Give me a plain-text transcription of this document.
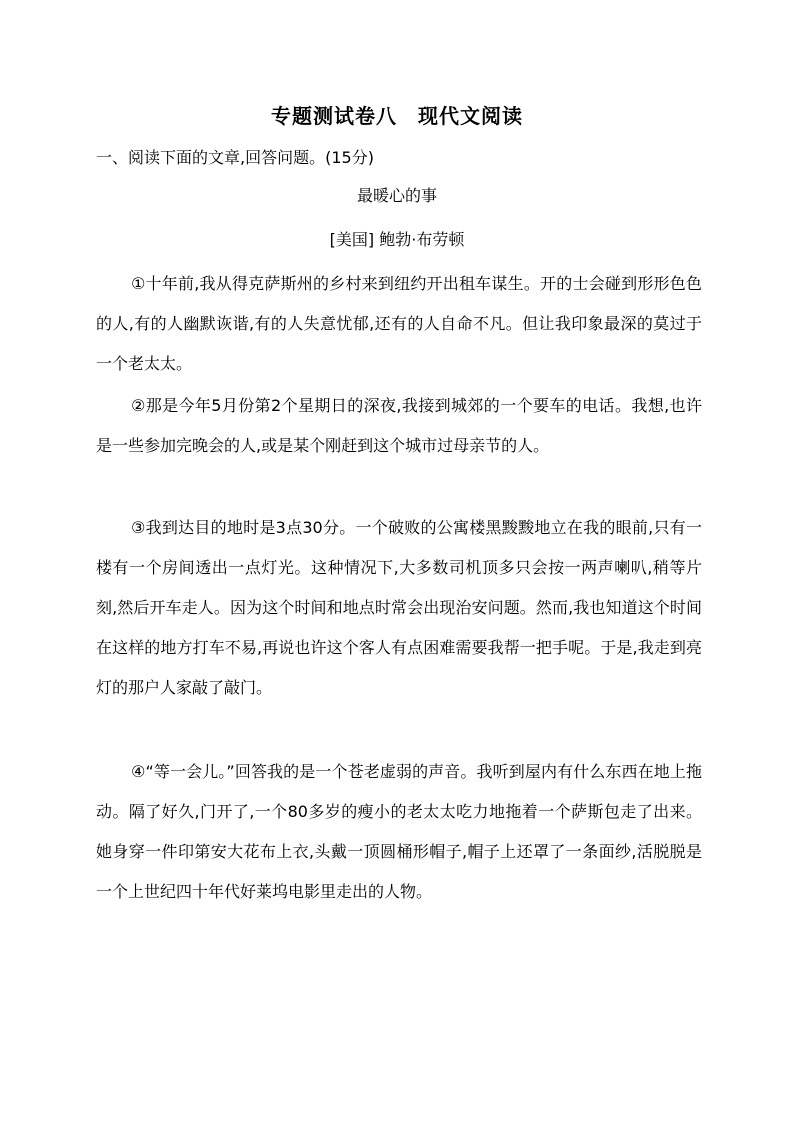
专题测试卷八　现代文阅读
一、阅读下面的文章,回答问题。(15分)
最暖心的事
[美国] 鲍勃·布劳顿

①十年前,我从得克萨斯州的乡村来到纽约开出租车谋生。开的士会碰到形形色色的人,有的人幽默诙谐,有的人失意忧郁,还有的人自命不凡。但让我印象最深的莫过于一个老太太。

②那是今年5月份第2个星期日的深夜,我接到城郊的一个要车的电话。我想,也许是一些参加完晚会的人,或是某个刚赶到这个城市过母亲节的人。

③我到达目的地时是3点30分。一个破败的公寓楼黑黢黢地立在我的眼前,只有一楼有一个房间透出一点灯光。这种情况下,大多数司机顶多只会按一两声喇叭,稍等片刻,然后开车走人。因为这个时间和地点时常会出现治安问题。然而,我也知道这个时间在这样的地方打车不易,再说也许这个客人有点困难需要我帮一把手呢。于是,我走到亮灯的那户人家敲了敲门。

④“等一会儿。”回答我的是一个苍老虚弱的声音。我听到屋内有什么东西在地上拖动。隔了好久,门开了,一个80多岁的瘦小的老太太吃力地拖着一个萨斯包走了出来。她身穿一件印第安大花布上衣,头戴一顶圆桶形帽子,帽子上还罩了一条面纱,活脱脱是一个上世纪四十年代好莱坞电影里走出的人物。
